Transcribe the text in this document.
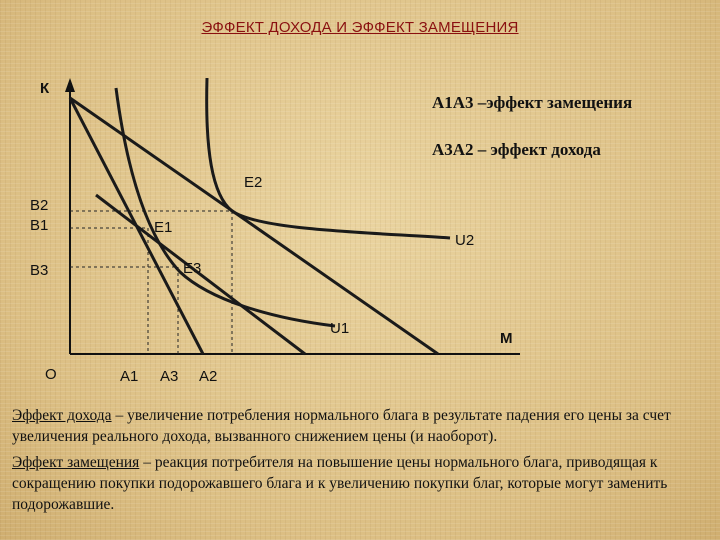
ЭФФЕКТ ДОХОДА И ЭФФЕКТ ЗАМЕЩЕНИЯ
К
М
О
B2
B1
B3
A1 A3 A2
E2
E1
E3
U2
U1
А1А3 –эффект замещения
А3А2 – эффект дохода
Эффект дохода – увеличение потребления нормального блага в результате падения его цены за счет увеличения реального дохода, вызванного снижением цены (и наоборот).
Эффект замещения – реакция потребителя на повышение цены нормального блага, приводящая к сокращению покупки подорожавшего блага и к увеличению покупки благ, которые могут заменить подорожавшие.
